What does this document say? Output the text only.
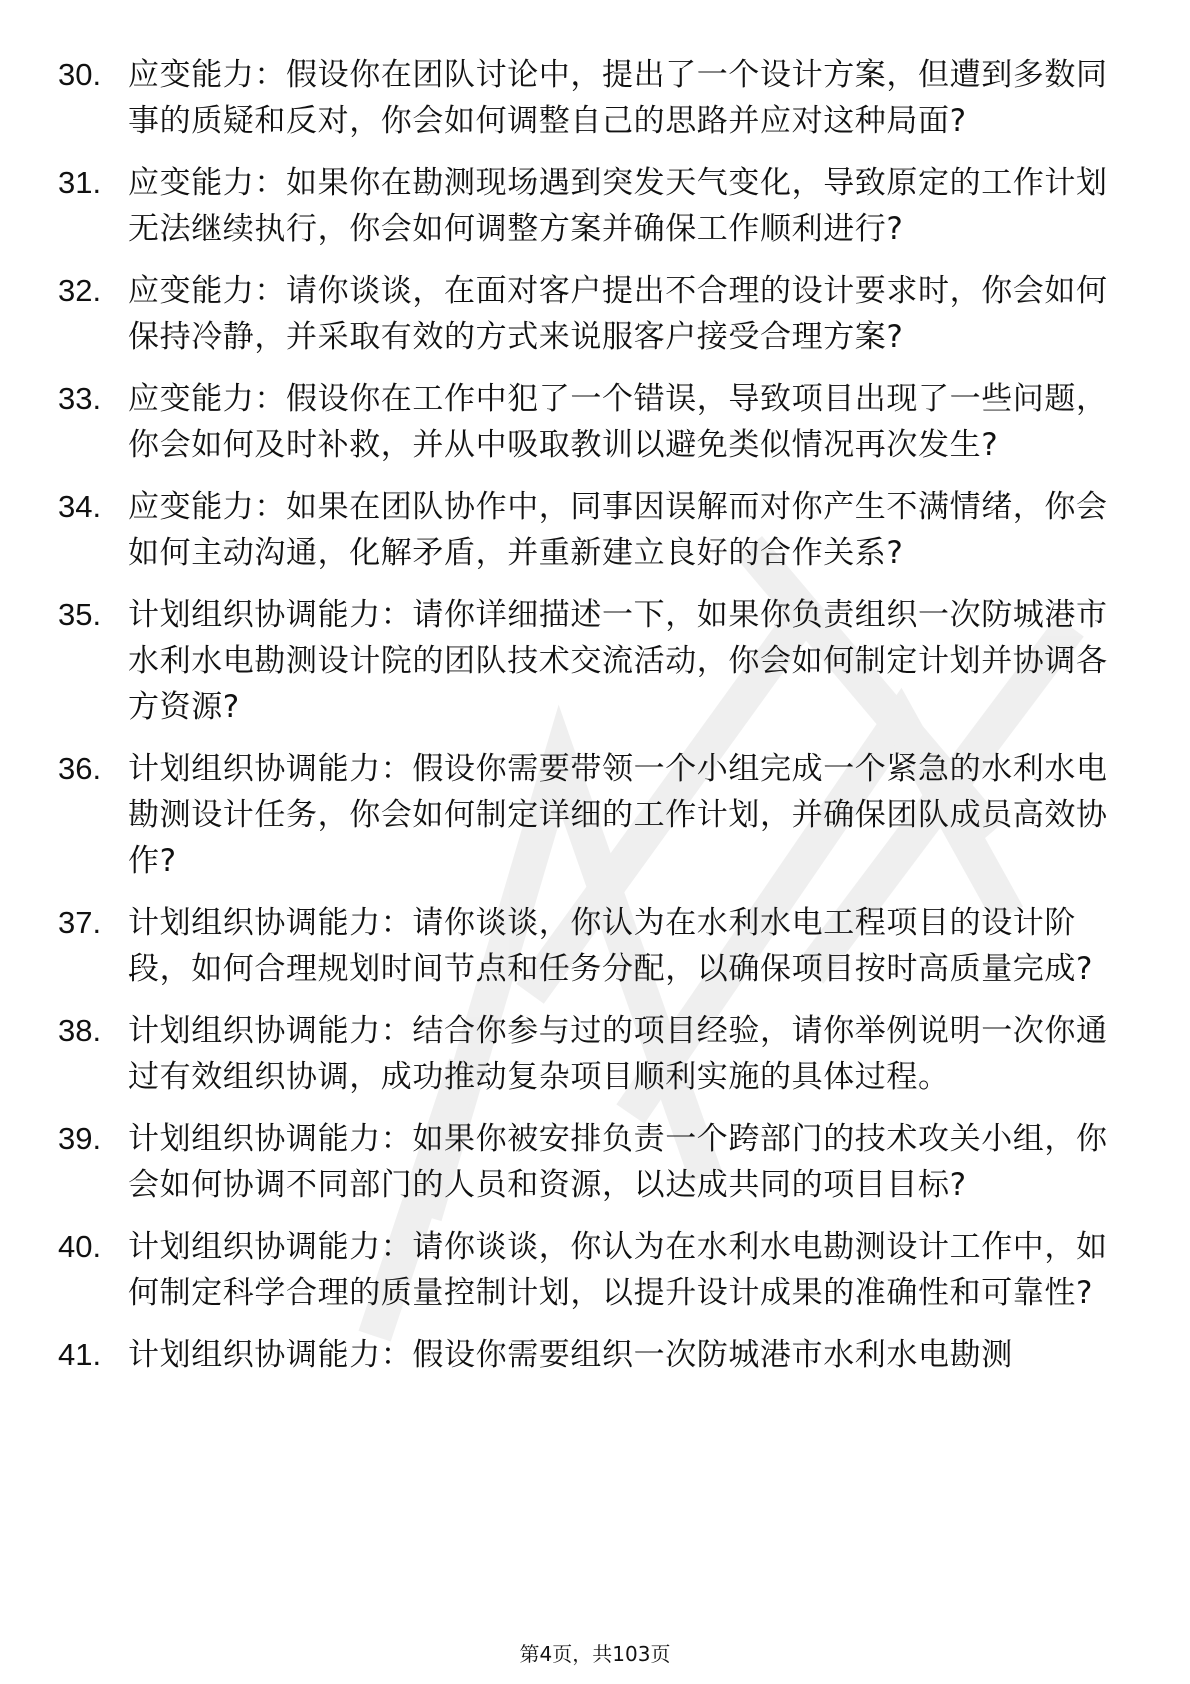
30. 应变能力：假设你在团队讨论中，提出了一个设计方案，但遭到多数同事的质疑和反对，你会如何调整自己的思路并应对这种局面?
31. 应变能力：如果你在勘测现场遇到突发天气变化，导致原定的工作计划无法继续执行，你会如何调整方案并确保工作顺利进行?
32. 应变能力：请你谈谈，在面对客户提出不合理的设计要求时，你会如何保持冷静，并采取有效的方式来说服客户接受合理方案?
33. 应变能力：假设你在工作中犯了一个错误，导致项目出现了一些问题，你会如何及时补救，并从中吸取教训以避免类似情况再次发生?
34. 应变能力：如果在团队协作中，同事因误解而对你产生不满情绪，你会如何主动沟通，化解矛盾，并重新建立良好的合作关系?
35. 计划组织协调能力：请你详细描述一下，如果你负责组织一次防城港市水利水电勘测设计院的团队技术交流活动，你会如何制定计划并协调各方资源?
36. 计划组织协调能力：假设你需要带领一个小组完成一个紧急的水利水电勘测设计任务，你会如何制定详细的工作计划，并确保团队成员高效协作?
37. 计划组织协调能力：请你谈谈，你认为在水利水电工程项目的设计阶段，如何合理规划时间节点和任务分配，以确保项目按时高质量完成?
38. 计划组织协调能力：结合你参与过的项目经验，请你举例说明一次你通过有效组织协调，成功推动复杂项目顺利实施的具体过程。
39. 计划组织协调能力：如果你被安排负责一个跨部门的技术攻关小组，你会如何协调不同部门的人员和资源，以达成共同的项目目标?
40. 计划组织协调能力：请你谈谈，你认为在水利水电勘测设计工作中，如何制定科学合理的质量控制计划，以提升设计成果的准确性和可靠性?
41. 计划组织协调能力：假设你需要组织一次防城港市水利水电勘测
第4页，共103页
